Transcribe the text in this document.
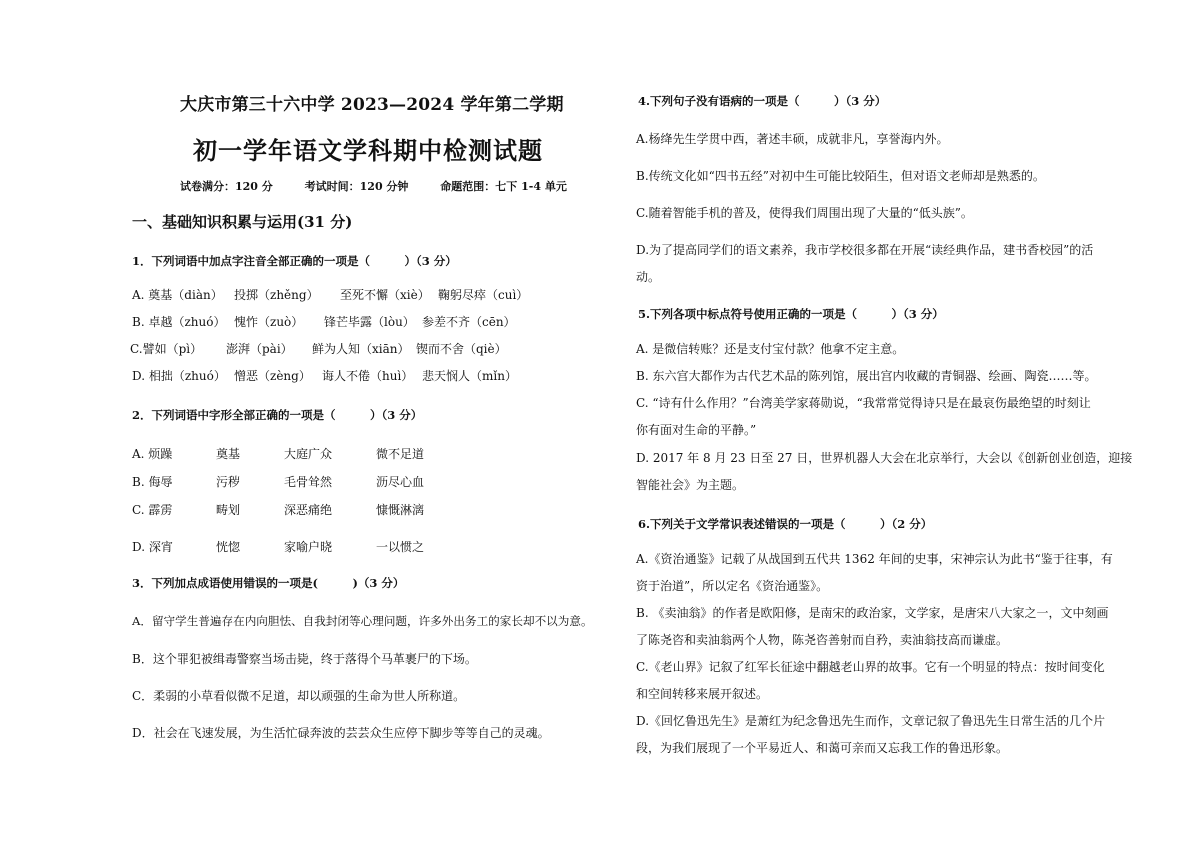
大庆市第三十六中学 2023—2024 学年第二学期
初一学年语文学科期中检测试题
试卷满分：120 分	考试时间：120 分钟	命题范围：七下 1-4 单元
一、基础知识积累与运用(31 分)
1．下列词语中加点字注音全部正确的一项是（　　　）（3 分）
A. 奠基（diàn） 投掷（zhěng） 至死不懈（xiè） 鞠躬尽瘁（cuì）
B. 卓越（zhuó） 愧怍（zuò） 锋芒毕露（lòu） 参差不齐（cēn）
C.譬如（pì） 澎湃（pài） 鲜为人知（xiān） 锲而不舍（qiè）
D. 相拙（zhuó） 憎恶（zèng） 诲人不倦（huì） 悲天悯人（mǐn）
2．下列词语中字形全部正确的一项是（　　　）（3 分）
A. 烦躁	奠基	大庭广众	微不足道
B. 侮辱	污秽	毛骨耸然	沥尽心血
C. 霹雳	畴划	深恶痛绝	慷慨淋漓
D. 深宵	恍惚	家喻户晓	一以惯之
3．下列加点成语使用错误的一项是(　　　)（3 分）
A．留守学生普遍存在内向胆怯、自我封闭等心理问题，许多外出务工的家长却不以为意。
B．这个罪犯被缉毒警察当场击毙，终于落得个马革裹尸的下场。
C．柔弱的小草看似微不足道，却以顽强的生命为世人所称道。
D．社会在飞速发展，为生活忙碌奔波的芸芸众生应停下脚步等等自己的灵魂。
4.下列句子没有语病的一项是（　　　）（3 分）
A.杨绛先生学贯中西，著述丰硕，成就非凡，享誉海内外。
B.传统文化如“四书五经”对初中生可能比较陌生，但对语文老师却是熟悉的。
C.随着智能手机的普及，使得我们周围出现了大量的“低头族”。
D.为了提高同学们的语文素养，我市学校很多都在开展“读经典作品，建书香校园”的活
动。
5.下列各项中标点符号使用正确的一项是（　　　）（3 分）
A. 是微信转账？还是支付宝付款？他拿不定主意。
B. 东六宫大都作为古代艺术品的陈列馆，展出宫内收藏的青铜器、绘画、陶瓷……等。
C. “诗有什么作用？”台湾美学家蒋勋说，“我常常觉得诗只是在最哀伤最绝望的时刻让
你有面对生命的平静。”
D. 2017 年 8 月 23 日至 27 日，世界机器人大会在北京举行，大会以《创新创业创造，迎接
智能社会》为主题。
6.下列关于文学常识表述错误的一项是（　　　）（2 分）
A.《资治通鉴》记载了从战国到五代共 1362 年间的史事，宋神宗认为此书“鉴于往事，有
资于治道”，所以定名《资治通鉴》。
B. 《卖油翁》的作者是欧阳修，是南宋的政治家，文学家，是唐宋八大家之一，文中刻画
了陈尧咨和卖油翁两个人物，陈尧咨善射而自矜，卖油翁技高而谦虚。
C.《老山界》记叙了红军长征途中翻越老山界的故事。它有一个明显的特点：按时间变化
和空间转移来展开叙述。
D.《回忆鲁迅先生》是萧红为纪念鲁迅先生而作，文章记叙了鲁迅先生日常生活的几个片
段，为我们展现了一个平易近人、和蔼可亲而又忘我工作的鲁迅形象。
